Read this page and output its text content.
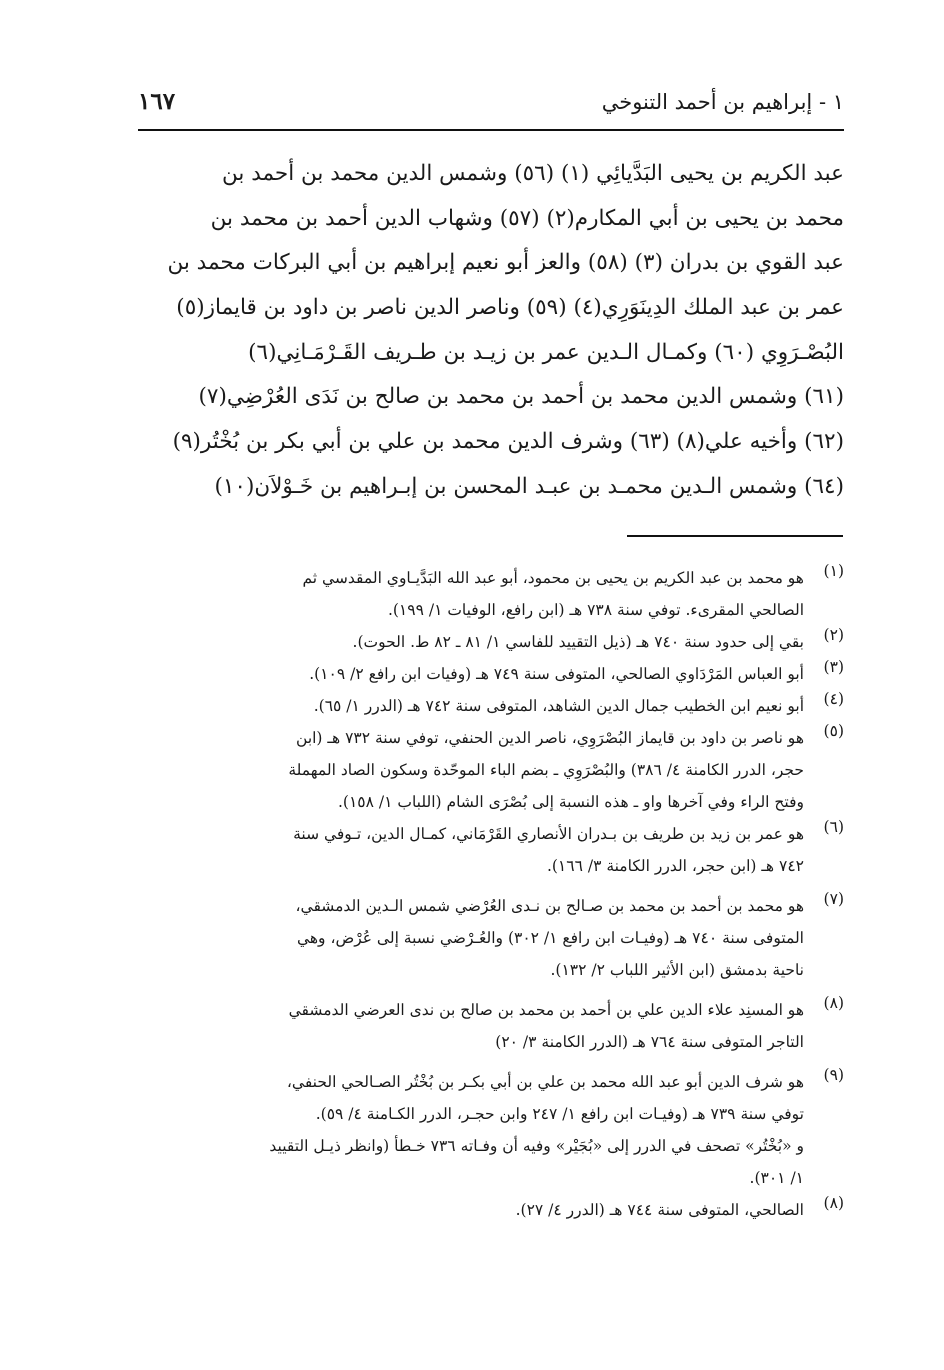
١ - إبراهيم بن أحمد التنوخي
١٦٧
عبد الكريم بن يحيى البَدَّيائِي (١) (٥٦) وشمس الدين محمد بن أحمد بن
محمد بن يحيى بن أبي المكارم(٢) (٥٧) وشهاب الدين أحمد بن محمد بن
عبد القوي بن بدران (٣) (٥٨) والعز أبو نعيم إبراهيم بن أبي البركات محمد بن
عمر بن عبد الملك الدِينَوَرِي(٤) (٥٩) وناصر الدين ناصر بن داود بن قايماز(٥)
البُصْـرَوِي (٦٠) وكمـال الـدين عمر بن زيـد بن طـريف القَـرْمَـانِي(٦)
(٦١) وشمس الدين محمد بن أحمد بن محمد بن صالح بن نَدَى العُرْضِي(٧)
(٦٢) وأخيه علي(٨) (٦٣) وشرف الدين محمد بن علي بن أبي بكر بن بُخْتُر(٩)
(٦٤) وشمس الـدين محمـد بن عبـد المحسن بن إبـراهيم بن خَـوْلاَن(١٠)
(١)
هو محمد بن عبد الكريم بن يحيى بن محمود، أبو عبد الله البَدَّيـاوي المقدسي ثم
الصالحي المقرىء. توفي سنة ٧٣٨ هـ (ابن رافع، الوفيات ١/ ١٩٩).
(٢)
بقي إلى حدود سنة ٧٤٠ هـ (ذيل التقييد للفاسي ١/ ٨١ ـ ٨٢ ط. الحوت).
(٣)
أبو العباس المَرْدَاوي الصالحي، المتوفى سنة ٧٤٩ هـ (وفيات ابن رافع ٢/ ١٠٩).
(٤)
أبو نعيم ابن الخطيب جمال الدين الشاهد، المتوفى سنة ٧٤٢ هـ (الدرر ١/ ٦٥).
(٥)
هو ناصر بن داود بن قايماز البُصْرَوِي، ناصر الدين الحنفي، توفي سنة ٧٣٢ هـ (ابن
حجر، الدرر الكامنة ٤/ ٣٨٦) والبُصْرَوِي ـ بضم الباء الموحّدة وسكون الصاد المهملة
وفتح الراء وفي آخرها واو ـ هذه النسبة إلى بُصْرَى الشام (اللباب ١/ ١٥٨).
(٦)
هو عمر بن زيد بن طريف بن بـدران الأنصاري القَرْمَاني، كمـال الدين، تـوفي سنة
٧٤٢ هـ (ابن حجر، الدرر الكامنة ٣/ ١٦٦).
(٧)
هو محمد بن أحمد بن محمد بن صـالح بن نـدى العُرْضي شمس الـدين الدمشقي،
المتوفى سنة ٧٤٠ هـ (وفيـات ابن رافع ١/ ٣٠٢) والعُـرْضي نسبة إلى عُرْض، وهي
ناحية بدمشق (ابن الأثير اللباب ٢/ ١٣٢).
(٨)
هو المسنِد علاء الدين علي بن أحمد بن محمد بن صالح بن ندى العرضي الدمشقي
التاجر المتوفى سنة ٧٦٤ هـ (الدرر الكامنة ٣/ ٢٠)
(٩)
هو شرف الدين أبو عبد الله محمد بن علي بن أبي بكـر بن بُخْتُر الصـالحي الحنفي،
توفي سنة ٧٣٩ هـ (وفيـات ابن رافع ١/ ٢٤٧ وابن حجـر، الدرر الكـامنة ٤/ ٥٩).
و «بُخْتُر» تصحف في الدرر إلى «بُجَيْر» وفيه أن وفـاته ٧٣٦ خـطأ (وانظر ذيـل التقييد
١/ ٣٠١).
(٨)
الصالحي، المتوفى سنة ٧٤٤ هـ (الدرر ٤/ ٢٧).
